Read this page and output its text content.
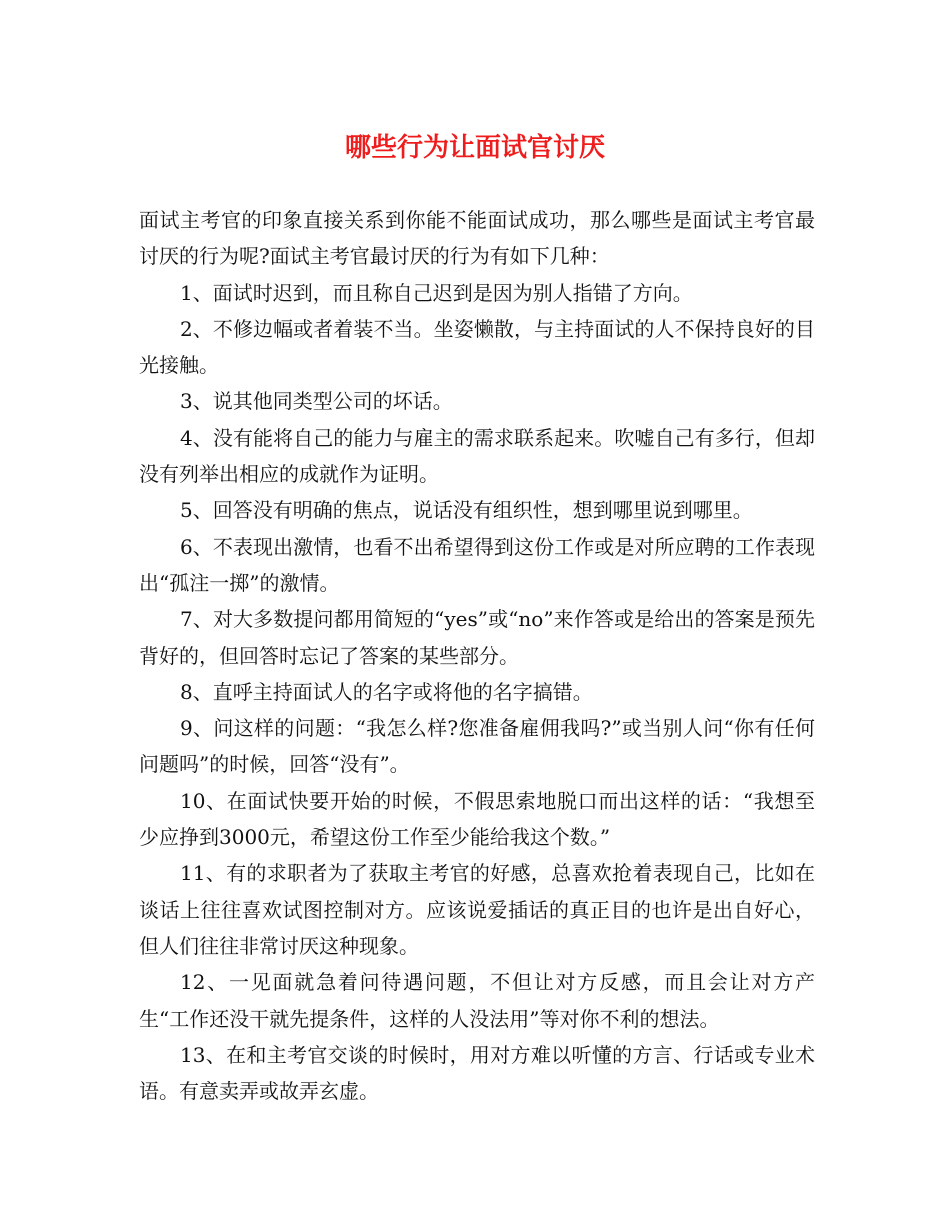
哪些行为让面试官讨厌

面试主考官的印象直接关系到你能不能面试成功，那么哪些是面试主考官最讨厌的行为呢?面试主考官最讨厌的行为有如下几种：

1、面试时迟到，而且称自己迟到是因为别人指错了方向。

2、不修边幅或者着装不当。坐姿懒散，与主持面试的人不保持良好的目光接触。

3、说其他同类型公司的坏话。

4、没有能将自己的能力与雇主的需求联系起来。吹嘘自己有多行，但却没有列举出相应的成就作为证明。

5、回答没有明确的焦点，说话没有组织性，想到哪里说到哪里。

6、不表现出激情，也看不出希望得到这份工作或是对所应聘的工作表现出“孤注一掷”的激情。

7、对大多数提问都用简短的“yes”或“no”来作答或是给出的答案是预先背好的，但回答时忘记了答案的某些部分。

8、直呼主持面试人的名字或将他的名字搞错。

9、问这样的问题：“我怎么样?您准备雇佣我吗?”或当别人问“你有任何问题吗”的时候，回答“没有”。

10、在面试快要开始的时候，不假思索地脱口而出这样的话：“我想至少应挣到3000元，希望这份工作至少能给我这个数。”

11、有的求职者为了获取主考官的好感，总喜欢抢着表现自己，比如在谈话上往往喜欢试图控制对方。应该说爱插话的真正目的也许是出自好心，但人们往往非常讨厌这种现象。

12、一见面就急着问待遇问题，不但让对方反感，而且会让对方产生“工作还没干就先提条件，这样的人没法用”等对你不利的想法。

13、在和主考官交谈的时候时，用对方难以听懂的方言、行话或专业术语。有意卖弄或故弄玄虚。
